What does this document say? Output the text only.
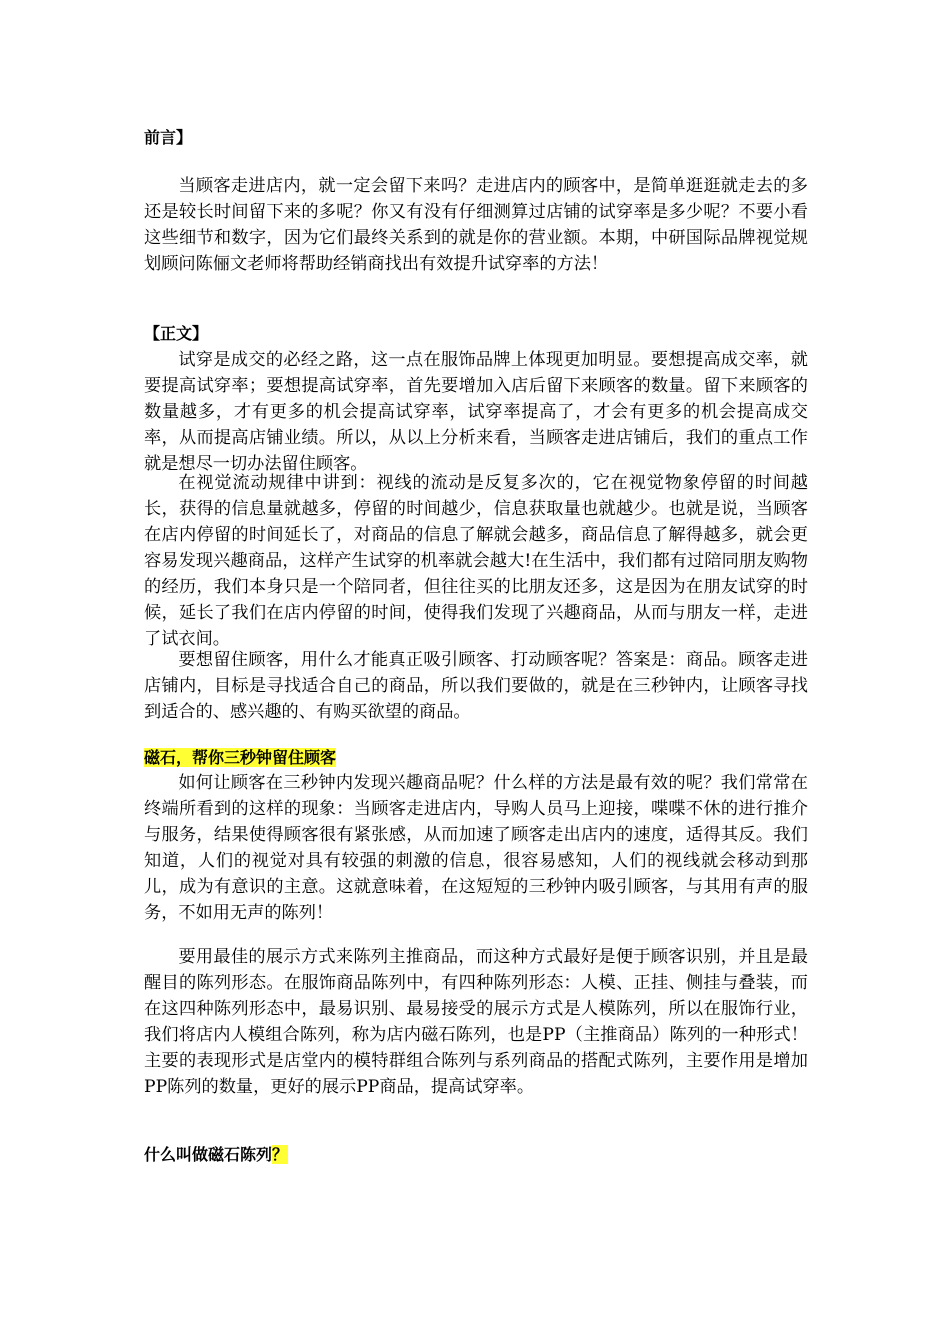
前言】

当顾客走进店内，就一定会留下来吗？走进店内的顾客中，是简单逛逛就走去的多还是较长时间留下来的多呢？你又有没有仔细测算过店铺的试穿率是多少呢？不要小看这些细节和数字，因为它们最终关系到的就是你的营业额。本期，中研国际品牌视觉规划顾问陈俪文老师将帮助经销商找出有效提升试穿率的方法！

【正文】

试穿是成交的必经之路，这一点在服饰品牌上体现更加明显。要想提高成交率，就要提高试穿率；要想提高试穿率，首先要增加入店后留下来顾客的数量。留下来顾客的数量越多，才有更多的机会提高试穿率，试穿率提高了，才会有更多的机会提高成交率，从而提高店铺业绩。所以，从以上分析来看，当顾客走进店铺后，我们的重点工作就是想尽一切办法留住顾客。

在视觉流动规律中讲到：视线的流动是反复多次的，它在视觉物象停留的时间越长，获得的信息量就越多，停留的时间越少，信息获取量也就越少。也就是说，当顾客在店内停留的时间延长了，对商品的信息了解就会越多，商品信息了解得越多，就会更容易发现兴趣商品，这样产生试穿的机率就会越大!在生活中，我们都有过陪同朋友购物的经历，我们本身只是一个陪同者，但往往买的比朋友还多，这是因为在朋友试穿的时候，延长了我们在店内停留的时间，使得我们发现了兴趣商品，从而与朋友一样，走进了试衣间。

要想留住顾客，用什么才能真正吸引顾客、打动顾客呢？答案是：商品。顾客走进店铺内，目标是寻找适合自己的商品，所以我们要做的，就是在三秒钟内，让顾客寻找到适合的、感兴趣的、有购买欲望的商品。

磁石，帮你三秒钟留住顾客

如何让顾客在三秒钟内发现兴趣商品呢？什么样的方法是最有效的呢？我们常常在终端所看到的这样的现象：当顾客走进店内，导购人员马上迎接，喋喋不休的进行推介与服务，结果使得顾客很有紧张感，从而加速了顾客走出店内的速度，适得其反。我们知道，人们的视觉对具有较强的刺激的信息，很容易感知，人们的视线就会移动到那儿，成为有意识的主意。这就意味着，在这短短的三秒钟内吸引顾客，与其用有声的服务，不如用无声的陈列！

要用最佳的展示方式来陈列主推商品，而这种方式最好是便于顾客识别，并且是最醒目的陈列形态。在服饰商品陈列中，有四种陈列形态：人模、正挂、侧挂与叠装，而在这四种陈列形态中，最易识别、最易接受的展示方式是人模陈列，所以在服饰行业，我们将店内人模组合陈列，称为店内磁石陈列，也是PP（主推商品）陈列的一种形式！主要的表现形式是店堂内的模特群组合陈列与系列商品的搭配式陈列，主要作用是增加PP陈列的数量，更好的展示PP商品，提高试穿率。

什么叫做磁石陈列？
